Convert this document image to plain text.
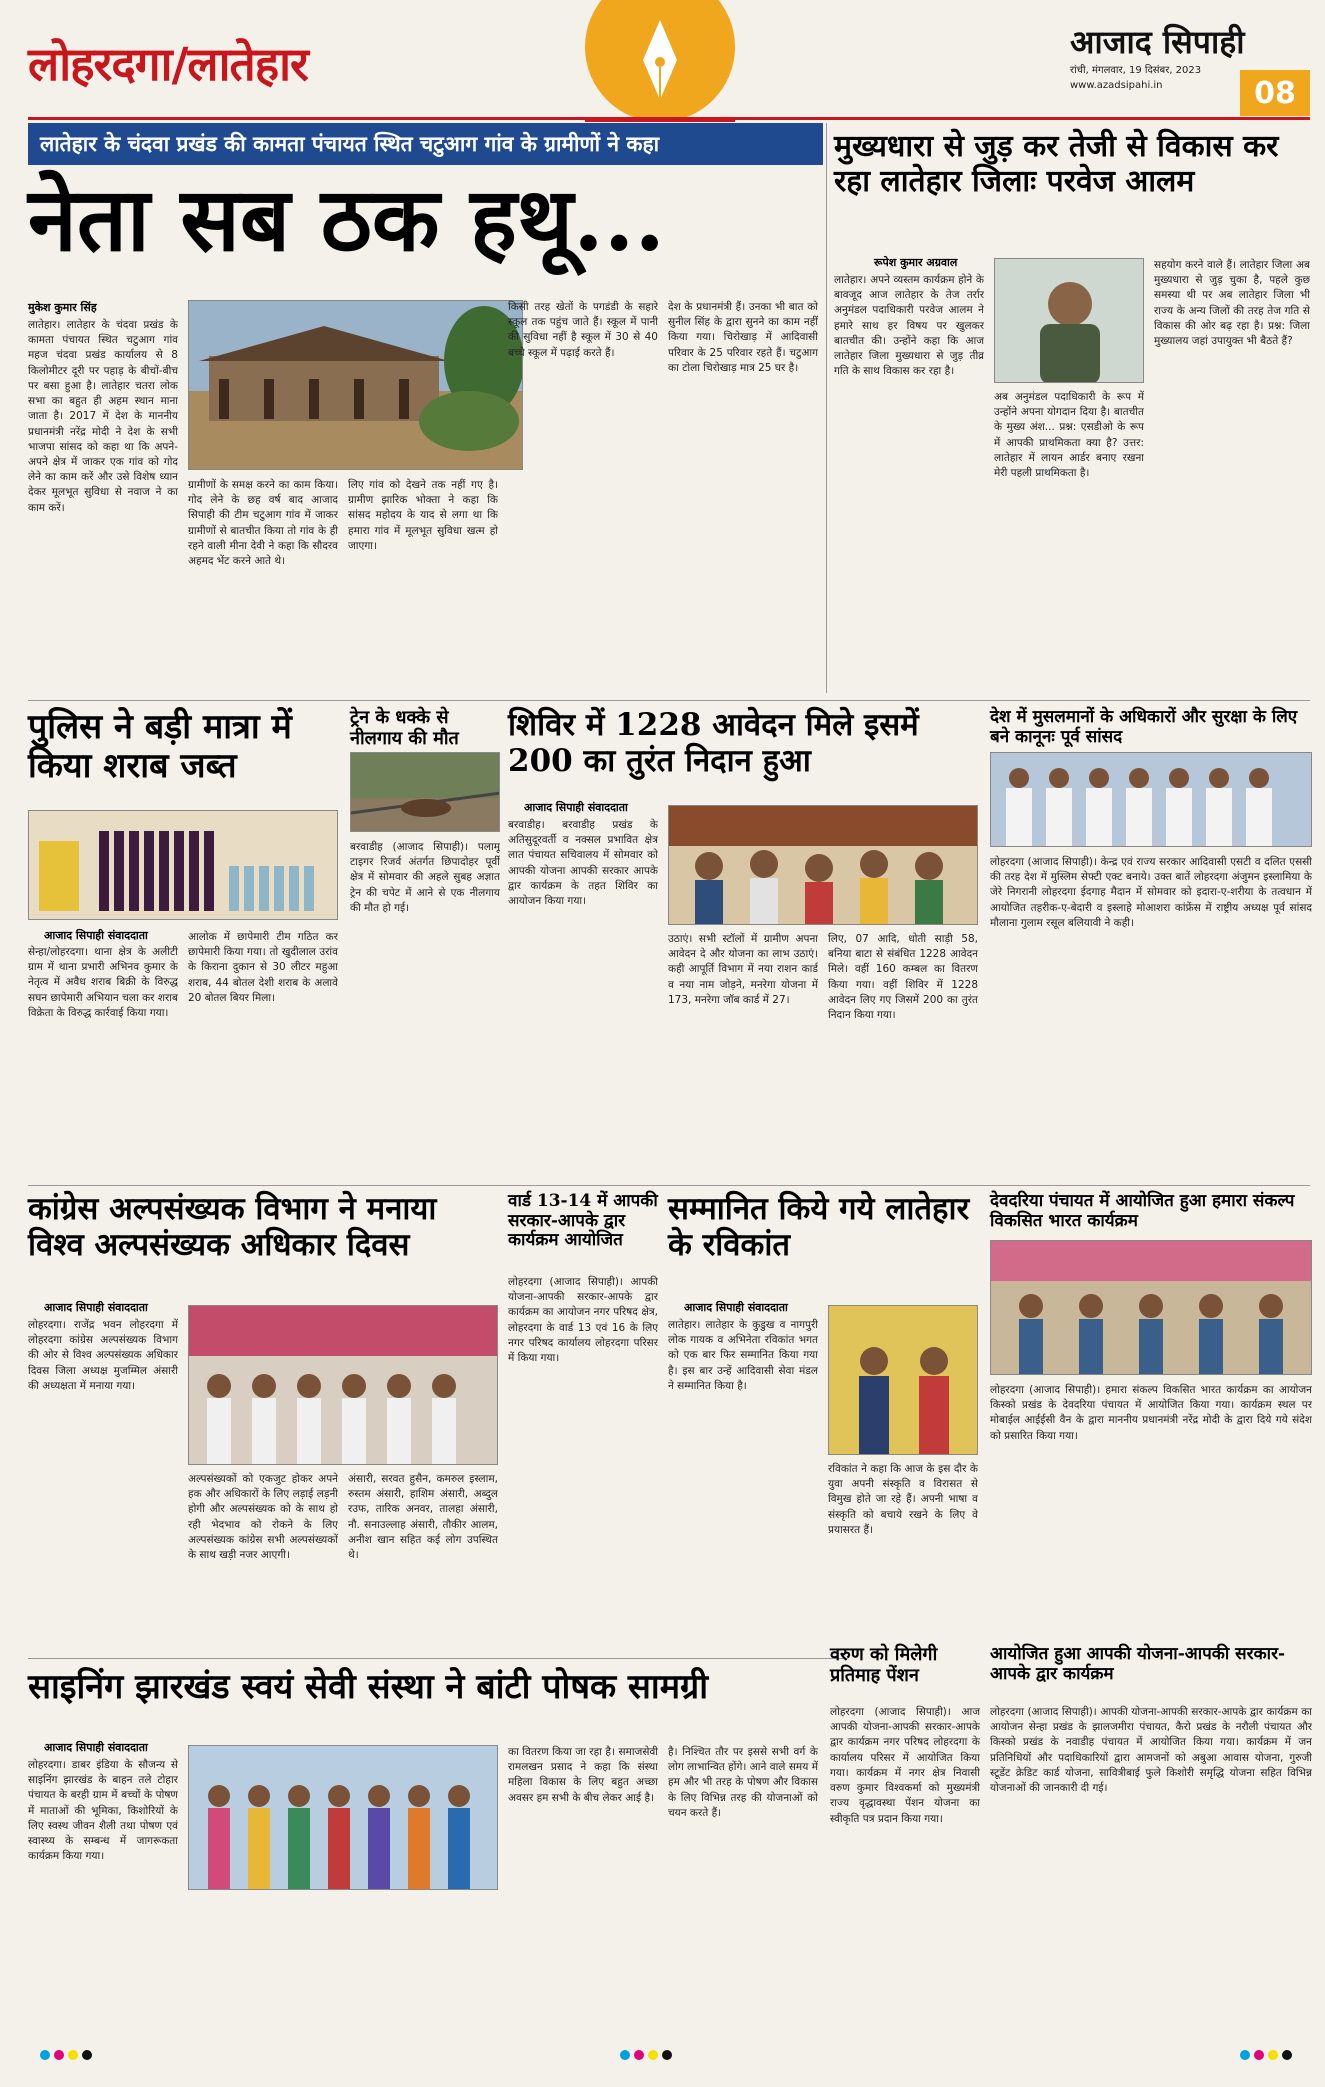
लोहरदगा/लातेहार	आजाद सिपाही
रांची, मंगलवार, 19 दिसंबर, 2023
www.azadsipahi.in	08
लातेहार के चंदवा प्रखंड की कामता पंचायत स्थित चटुआग गांव के ग्रामीणों ने कहा
नेता सब ठक हथू...
मुकेश कुमार सिंह
लातेहार। लातेहार के चंदवा प्रखंड के कामता पंचायत स्थित चटुआग गांव महज चंदवा प्रखंड कार्यालय से 8 किलोमीटर दूरी पर पहाड़ के बीचों-बीच पर बसा हुआ है। लातेहार चतरा लोक सभा का बहुत ही अहम स्थान माना जाता है। 2017 में देश के माननीय प्रधानमंत्री नरेंद्र मोदी ने देश के सभी भाजपा सांसद को कहा था कि अपने-अपने क्षेत्र में जाकर एक गांव को गोद लेने का काम करें और उसे विशेष ध्यान देकर मूलभूत सुविधा से नवाज ने का काम करें।
ग्रामीणों के समक्ष करने का काम किया। गोद लेने के छह वर्ष बाद आजाद सिपाही की टीम चटुआग गांव में जाकर ग्रामीणों से बातचीत किया तो गांव के ही रहने वाली मीना देवी ने कहा कि सौदरव अहमद भेंट करने आते थे।
लिए गांव को देखने तक नहीं गए है। ग्रामीण झारिक भोक्ता ने कहा कि सांसद महोदय के याद से लगा था कि हमारा गांव में मूलभूत सुविधा खत्म हो जाएगा।
किसी तरह खेतों के पगडंडी के सहारे स्कूल तक पहुंच जाते हैं। स्कूल में पानी की सुविधा नहीं है स्कूल में 30 से 40 बच्चे स्कूल में पढ़ाई करते हैं।
देश के प्रधानमंत्री हैं। उनका भी बात को सुनील सिंह के द्वारा सुनने का काम नहीं किया गया। चिरोखाड़ में आदिवासी परिवार के 25 परिवार रहते हैं। चटुआग का टोला चिरोखाड़ मात्र 25 घर है।
मुख्यधारा से जुड़ कर तेजी से विकास कर रहा लातेहार जिलाः परवेज आलम
रूपेश कुमार अग्रवाल
लातेहार। अपने व्यस्तम कार्यक्रम होने के बावजूद आज लातेहार के तेज तर्रार अनुमंडल पदाधिकारी परवेज आलम ने हमारे साथ हर विषय पर खुलकर बातचीत की। उन्होंने कहा कि आज लातेहार जिला मुख्यधारा से जुड़ तीव्र गति के साथ विकास कर रहा है।
अब अनुमंडल पदाधिकारी के रूप में उन्होंने अपना योगदान दिया है। बातचीत के मुख्य अंश... प्रश्न: एसडीओ के रूप में आपकी प्राथमिकता क्या है? उत्तर: लातेहार में लायन आर्डर बनाए रखना मेरी पहली प्राथमिकता है।
सहयोग करने वाले हैं। लातेहार जिला अब मुख्यधारा से जुड़ चुका है, पहले कुछ समस्या थी पर अब लातेहार जिला भी राज्य के अन्य जिलों की तरह तेज गति से विकास की ओर बढ़ रहा है। प्रश्न: जिला मुख्यालय जहां उपायुक्त भी बैठते हैं?
पुलिस ने बड़ी मात्रा में किया शराब जब्त
आजाद सिपाही संवाददाता
सेन्हा/लोहरदगा। थाना क्षेत्र के अलीटी ग्राम में थाना प्रभारी अभिनव कुमार के नेतृत्व में अवैध शराब बिक्री के विरुद्ध सघन छापेमारी अभियान चला कर शराब विक्रेता के विरुद्ध कार्रवाई किया गया।
आलोक में छापेमारी टीम गठित कर छापेमारी किया गया। तो खुदीलाल उरांव के किराना दुकान से 30 लीटर महुआ शराब, 44 बोतल देशी शराब के अलावे 20 बोतल बियर मिला।
ट्रेन के धक्के से नीलगाय की मौत
बरवाडीह (आजाद सिपाही)। पलामू टाइगर रिजर्व अंतर्गत छिपादोहर पूर्वी क्षेत्र में सोमवार की अहले सुबह अज्ञात ट्रेन की चपेट में आने से एक नीलगाय की मौत हो गई।
शिविर में 1228 आवेदन मिले इसमें 200 का तुरंत निदान हुआ
आजाद सिपाही संवाददाता
बरवाडीह। बरवाडीह प्रखंड के अतिसुदूरवर्ती व नक्सल प्रभावित क्षेत्र लात पंचायत सचिवालय में सोमवार को आपकी योजना आपकी सरकार आपके द्वार कार्यक्रम के तहत शिविर का आयोजन किया गया।
उठाएं। सभी स्टॉलों में ग्रामीण अपना आवेदन दे और योजना का लाभ उठाएं। कही आपूर्ति विभाग में नया राशन कार्ड व नया नाम जोड़ने, मनरेगा योजना में 173, मनरेगा जॉब कार्ड में 27।
लिए, 07 आदि, धोती साड़ी 58, बनिया बाटा से संबंधित 1228 आवेदन मिले। वहीं 160 कम्बल का वितरण किया गया। वहीं शिविर में 1228 आवेदन लिए गए जिसमें 200 का तुरंत निदान किया गया।
देश में मुसलमानों के अधिकारों और सुरक्षा के लिए बने कानूनः पूर्व सांसद
लोहरदगा (आजाद सिपाही)। केन्द्र एवं राज्य सरकार आदिवासी एसटी व दलित एससी की तरह देश में मुस्लिम सेफ्टी एक्ट बनाये। उक्त बातें लोहरदगा अंजुमन इस्लामिया के जेरे निगरानी लोहरदगा ईदगाह मैदान में सोमवार को इदारा-ए-शरीया के तत्वधान में आयोजित तहरीक-ए-बेदारी व इस्लाहे मोआशरा कांफ्रेंस में राष्ट्रीय अध्यक्ष पूर्व सांसद मौलाना गुलाम रसूल बलियावी ने कही।
कांग्रेस अल्पसंख्यक विभाग ने मनाया विश्व अल्पसंख्यक अधिकार दिवस
आजाद सिपाही संवाददाता
लोहरदगा। राजेंद्र भवन लोहरदगा में लोहरदगा कांग्रेस अल्पसंख्यक विभाग की ओर से विश्व अल्पसंख्यक अधिकार दिवस जिला अध्यक्ष मुजम्मिल अंसारी की अध्यक्षता में मनाया गया।
अल्पसंख्यकों को एकजुट होकर अपने हक और अधिकारों के लिए लड़ाई लड़नी होगी और अल्पसंख्यक को के साथ हो रही भेदभाव को रोकने के लिए अल्पसंख्यक कांग्रेस सभी अल्पसंख्यकों के साथ खड़ी नजर आएगी।
अंसारी, सरवत हुसैन, कमरुल इस्लाम, रुस्तम अंसारी, हाशिम अंसारी, अब्दुल रउफ, तारिक अनवर, तालहा अंसारी, नौ. सनाउल्लाह अंसारी, तौकीर आलम, अनीश खान सहित कई लोग उपस्थित थे।
वार्ड 13-14 में आपकी सरकार-आपके द्वार कार्यक्रम आयोजित
लोहरदगा (आजाद सिपाही)। आपकी योजना-आपकी सरकार-आपके द्वार कार्यक्रम का आयोजन नगर परिषद क्षेत्र, लोहरदगा के वार्ड 13 एवं 16 के लिए नगर परिषद कार्यालय लोहरदगा परिसर में किया गया।
सम्मानित किये गये लातेहार के रविकांत
आजाद सिपाही संवाददाता
लातेहार। लातेहार के कुडुख व नागपुरी लोक गायक व अभिनेता रविकांत भगत को एक बार फिर सम्मानित किया गया है। इस बार उन्हें आदिवासी सेवा मंडल ने सम्मानित किया है।
रविकांत ने कहा कि आज के इस दौर के युवा अपनी संस्कृति व विरासत से विमुख होते जा रहे हैं। अपनी भाषा व संस्कृति को बचाये रखने के लिए वे प्रयासरत हैं।
देवदरिया पंचायत में आयोजित हुआ हमारा संकल्प विकसित भारत कार्यक्रम
लोहरदगा (आजाद सिपाही)। हमारा संकल्प विकसित भारत कार्यक्रम का आयोजन किस्को प्रखंड के देवदरिया पंचायत में आयोजित किया गया। कार्यक्रम स्थल पर मोबाईल आईईसी वैन के द्वारा माननीय प्रधानमंत्री नरेंद्र मोदी के द्वारा दिये गये संदेश को प्रसारित किया गया।
साइनिंग झारखंड स्वयं सेवी संस्था ने बांटी पोषक सामग्री
आजाद सिपाही संवाददाता
लोहरदगा। डाबर इंडिया के सौजन्य से साइनिंग झारखंड के बाहन तले टोहार पंचायत के बरही ग्राम में बच्चों के पोषण में माताओं की भूमिका, किशोरियों के लिए स्वस्थ जीवन शैली तथा पोषण एवं स्वास्थ्य के सम्बन्ध में जागरूकता कार्यक्रम किया गया।
का वितरण किया जा रहा है। समाजसेवी रामलखन प्रसाद ने कहा कि संस्था महिला विकास के लिए बहुत अच्छा अवसर हम सभी के बीच लेकर आई है।
है। निश्चित तौर पर इससे सभी वर्ग के लोग लाभान्वित होंगे। आने वाले समय में हम और भी तरह के पोषण और विकास के लिए विभिन्न तरह की योजनाओं को चयन करते हैं।
वरुण को मिलेगी प्रतिमाह पेंशन
लोहरदगा (आजाद सिपाही)। आज आपकी योजना-आपकी सरकार-आपके द्वार कार्यक्रम नगर परिषद लोहरदगा के कार्यालय परिसर में आयोजित किया गया। कार्यक्रम में नगर क्षेत्र निवासी वरुण कुमार विश्वकर्मा को मुख्यमंत्री राज्य वृद्धावस्था पेंशन योजना का स्वीकृति पत्र प्रदान किया गया।
आयोजित हुआ आपकी योजना-आपकी सरकार-आपके द्वार कार्यक्रम
लोहरदगा (आजाद सिपाही)। आपकी योजना-आपकी सरकार-आपके द्वार कार्यक्रम का आयोजन सेन्हा प्रखंड के झालजमीरा पंचायत, कैरो प्रखंड के नरौली पंचायत और किस्को प्रखंड के नवाडीह पंचायत में आयोजित किया गया। कार्यक्रम में जन प्रतिनिधियों और पदाधिकारियों द्वारा आमजनों को अबुआ आवास योजना, गुरुजी स्टूडेंट क्रेडिट कार्ड योजना, सावित्रीबाई फुले किशोरी समृद्धि योजना सहित विभिन्न योजनाओं की जानकारी दी गई।
